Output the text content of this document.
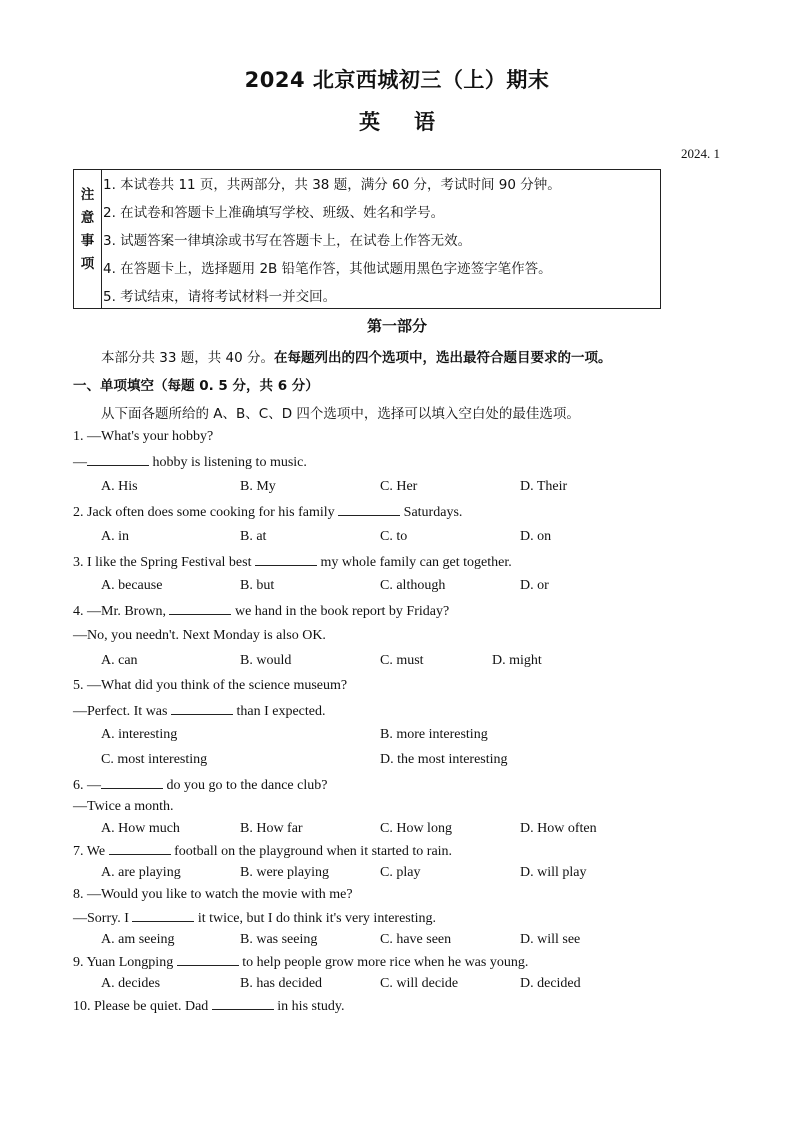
2024 北京西城初三（上）期末
英语
2024. 1
注
意
事
项
1. 本试卷共 11 页，共两部分，共 38 题，满分 60 分，考试时间 90 分钟。
2. 在试卷和答题卡上准确填写学校、班级、姓名和学号。
3. 试题答案一律填涂或书写在答题卡上，在试卷上作答无效。
4. 在答题卡上，选择题用 2B 铅笔作答，其他试题用黑色字迹签字笔作答。
5. 考试结束，请将考试材料一并交回。
第一部分
本部分共 33 题，共 40 分。在每题列出的四个选项中，选出最符合题目要求的一项。
一、单项填空（每题 0. 5 分，共 6 分）
从下面各题所给的 A、B、C、D 四个选项中，选择可以填入空白处的最佳选项。
1. —What's your hobby?
—	hobby is listening to music.
A. His	B. My	C. Her	D. Their
2. Jack often does some cooking for his family	Saturdays.
A. in	B. at	C. to	D. on
3. I like the Spring Festival best	my whole family can get together.
A. because	B. but	C. although	D. or
4. —Mr. Brown,	we hand in the book report by Friday?
—No, you needn't. Next Monday is also OK.
A. can	B. would	C. must	D. might
5. —What did you think of the science museum?
—Perfect. It was	than I expected.
A. interesting	B. more interesting
C. most interesting	D. the most interesting
6. —	do you go to the dance club?
—Twice a month.
A. How much	B. How far	C. How long	D. How often
7. We	football on the playground when it started to rain.
A. are playing	B. were playing	C. play	D. will play
8. —Would you like to watch the movie with me?
—Sorry. I	it twice, but I do think it's very interesting.
A. am seeing	B. was seeing	C. have seen	D. will see
9. Yuan Longping	to help people grow more rice when he was young.
A. decides	B. has decided	C. will decide	D. decided
10. Please be quiet. Dad	in his study.
